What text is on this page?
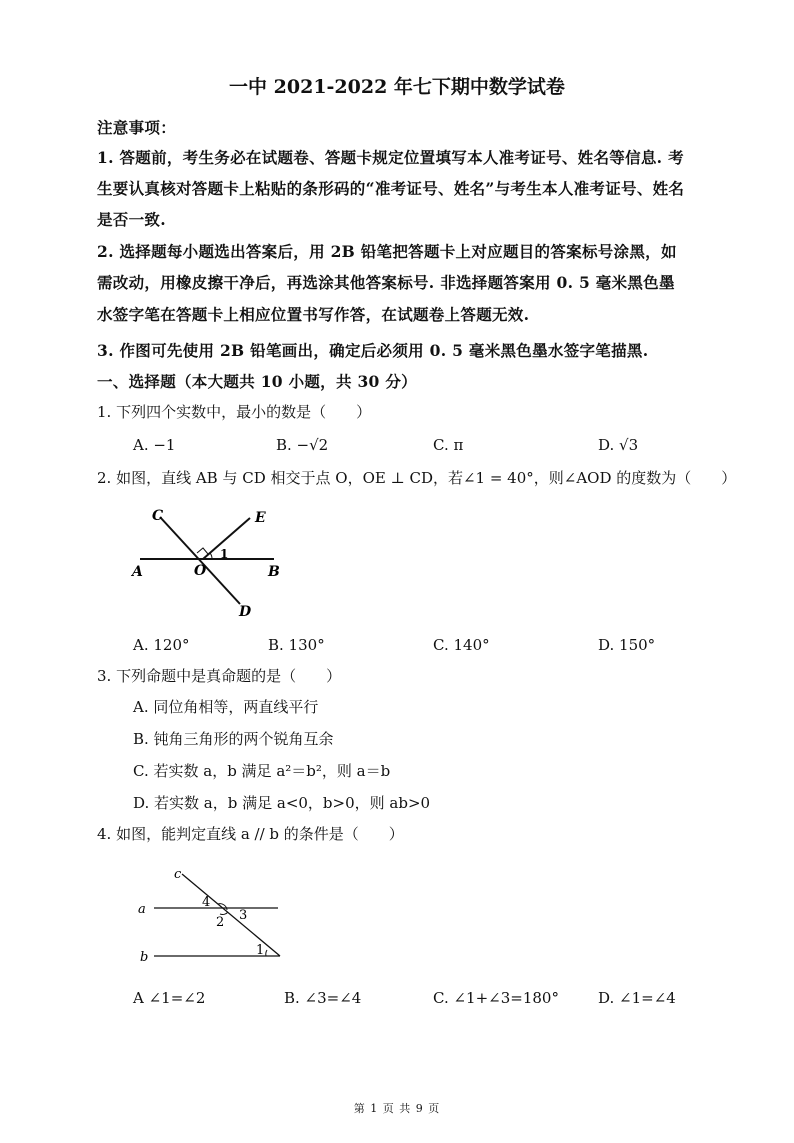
一中 2021-2022 年七下期中数学试卷
注意事项：
1. 答题前，考生务必在试题卷、答题卡规定位置填写本人准考证号、姓名等信息. 考
生要认真核对答题卡上粘贴的条形码的“准考证号、姓名”与考生本人准考证号、姓名
是否一致.
2. 选择题每小题选出答案后，用 2B 铅笔把答题卡上对应题目的答案标号涂黑，如
需改动，用橡皮擦干净后，再选涂其他答案标号. 非选择题答案用 0. 5 毫米黑色墨
水签字笔在答题卡上相应位置书写作答，在试题卷上答题无效.
3. 作图可先使用 2B 铅笔画出，确定后必须用 0. 5 毫米黑色墨水签字笔描黑.
一、选择题（本大题共 10 小题，共 30 分）
1. 下列四个实数中，最小的数是（　　）
A. −1	B. −√2	C. π	D. √3
2. 如图，直线 AB 与 CD 相交于点 O，OE ⊥ CD，若∠1 = 40°，则∠AOD 的度数为（　　）
C	E
A	O	B
D
1
A. 120°	B. 130°	C. 140°	D. 150°
3. 下列命题中是真命题的是（　　）
A. 同位角相等，两直线平行
B. 钝角三角形的两个锐角互余
C. 若实数 a，b 满足 a²＝b²，则 a＝b
D. 若实数 a，b 满足 a<0，b>0，则 ab>0
4. 如图，能判定直线 a // b 的条件是（　　）
c
a
b
4
3
2
1
A ∠1=∠2	B. ∠3=∠4	C. ∠1+∠3=180°	D. ∠1=∠4
第 1 页 共 9 页
